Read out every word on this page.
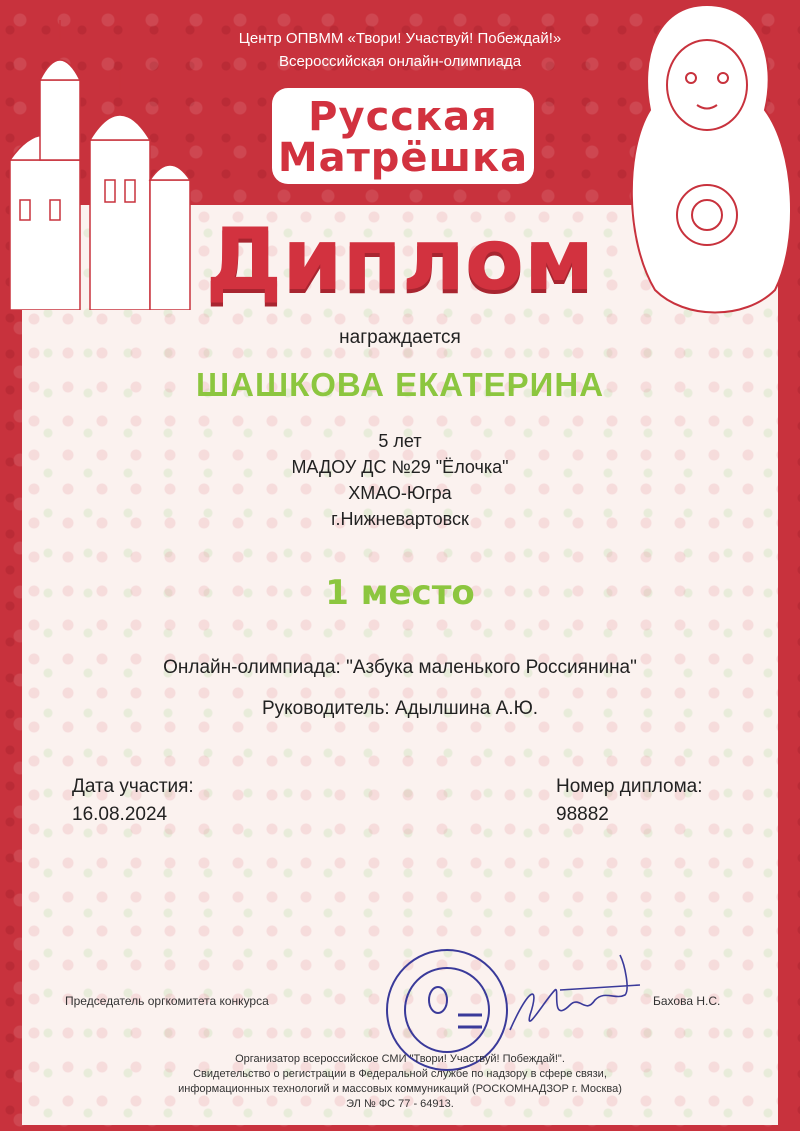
Центр ОПВММ «Твори! Участвуй! Побеждай!»
Всероссийская онлайн-олимпиада
Русская
Матрёшка
Диплом
награждается
ШАШКОВА ЕКАТЕРИНА
5 лет
МАДОУ ДС №29 "Ёлочка"
ХМАО-Югра
г.Нижневартовск
1 место
Онлайн-олимпиада: "Азбука маленького Россиянина"
Руководитель: Адылшина А.Ю.
Дата участия:
16.08.2024
Номер диплома:
98882
Председатель оргкомитета конкурса	Бахова Н.С.
Организатор всероссийское СМИ "Твори! Участвуй! Побеждай!".
Свидетельство о регистрации в Федеральной службе по надзору в сфере связи,
информационных технологий и массовых коммуникаций (РОСКОМНАДЗОР г. Москва)
ЭЛ № ФС 77 - 64913.
